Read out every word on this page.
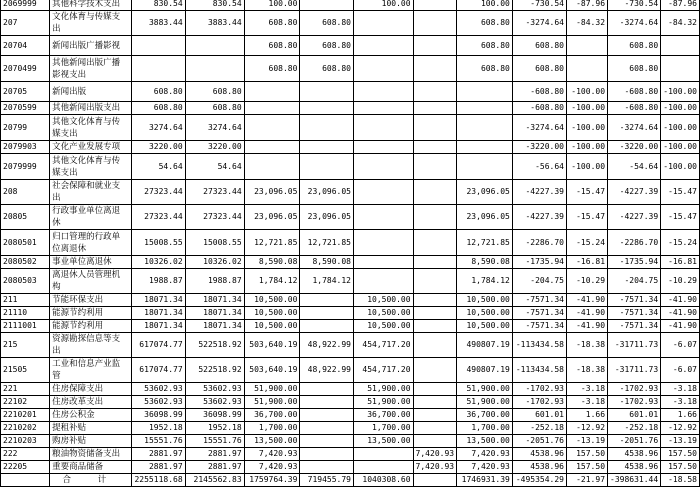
2069999	其他科学技术支出	830.54	830.54	100.00		100.00		100.00	-730.54	-87.96	-730.54	-87.96
207	文化体育与传媒支出	3883.44	3883.44	608.80	608.80			608.80	-3274.64	-84.32	-3274.64	-84.32
20704	新闻出版广播影视			608.80	608.80			608.80	608.80		608.80	
2070499	其他新闻出版广播影视支出			608.80	608.80			608.80	608.80		608.80	
20705	新闻出版	608.80	608.80						-608.80	-100.00	-608.80	-100.00
2070599	其他新闻出版支出	608.80	608.80						-608.80	-100.00	-608.80	-100.00
20799	其他文化体育与传媒支出	3274.64	3274.64						-3274.64	-100.00	-3274.64	-100.00
2079903	文化产业发展专项	3220.00	3220.00						-3220.00	-100.00	-3220.00	-100.00
2079999	其他文化体育与传媒支出	54.64	54.64						-56.64	-100.00	-54.64	-100.00
208	社会保障和就业支出	27323.44	27323.44	23,096.05	23,096.05			23,096.05	-4227.39	-15.47	-4227.39	-15.47
20805	行政事业单位离退休	27323.44	27323.44	23,096.05	23,096.05			23,096.05	-4227.39	-15.47	-4227.39	-15.47
2080501	归口管理的行政单位离退休	15008.55	15008.55	12,721.85	12,721.85			12,721.85	-2286.70	-15.24	-2286.70	-15.24
2080502	事业单位离退休	10326.02	10326.02	8,590.08	8,590.08			8,590.08	-1735.94	-16.81	-1735.94	-16.81
2080503	离退休人员管理机构	1988.87	1988.87	1,784.12	1,784.12			1,784.12	-204.75	-10.29	-204.75	-10.29
211	节能环保支出	18071.34	18071.34	10,500.00		10,500.00		10,500.00	-7571.34	-41.90	-7571.34	-41.90
21110	能源节约利用	18071.34	18071.34	10,500.00		10,500.00		10,500.00	-7571.34	-41.90	-7571.34	-41.90
2111001	能源节约利用	18071.34	18071.34	10,500.00		10,500.00		10,500.00	-7571.34	-41.90	-7571.34	-41.90
215	资源勘探信息等支出	617074.77	522518.92	503,640.19	48,922.99	454,717.20		490807.19	-113434.58	-18.38	-31711.73	-6.07
21505	工业和信息产业监管	617074.77	522518.92	503,640.19	48,922.99	454,717.20		490807.19	-113434.58	-18.38	-31711.73	-6.07
221	住房保障支出	53602.93	53602.93	51,900.00		51,900.00		51,900.00	-1702.93	-3.18	-1702.93	-3.18
22102	住房改革支出	53602.93	53602.93	51,900.00		51,900.00		51,900.00	-1702.93	-3.18	-1702.93	-3.18
2210201	住房公积金	36098.99	36098.99	36,700.00		36,700.00		36,700.00	601.01	1.66	601.01	1.66
2210202	提租补贴	1952.18	1952.18	1,700.00		1,700.00		1,700.00	-252.18	-12.92	-252.18	-12.92
2210203	购房补贴	15551.76	15551.76	13,500.00		13,500.00		13,500.00	-2051.76	-13.19	-2051.76	-13.19
222	粮油物资储备支出	2881.97	2881.97	7,420.93			7,420.93	7,420.93	4538.96	157.50	4538.96	157.50
22205	重要商品储备	2881.97	2881.97	7,420.93			7,420.93	7,420.93	4538.96	157.50	4538.96	157.50
	合 计	2255118.68	2145562.83	1759764.39	719455.79	1040308.60		1746931.39	-495354.29	-21.97	-398631.44	-18.58
